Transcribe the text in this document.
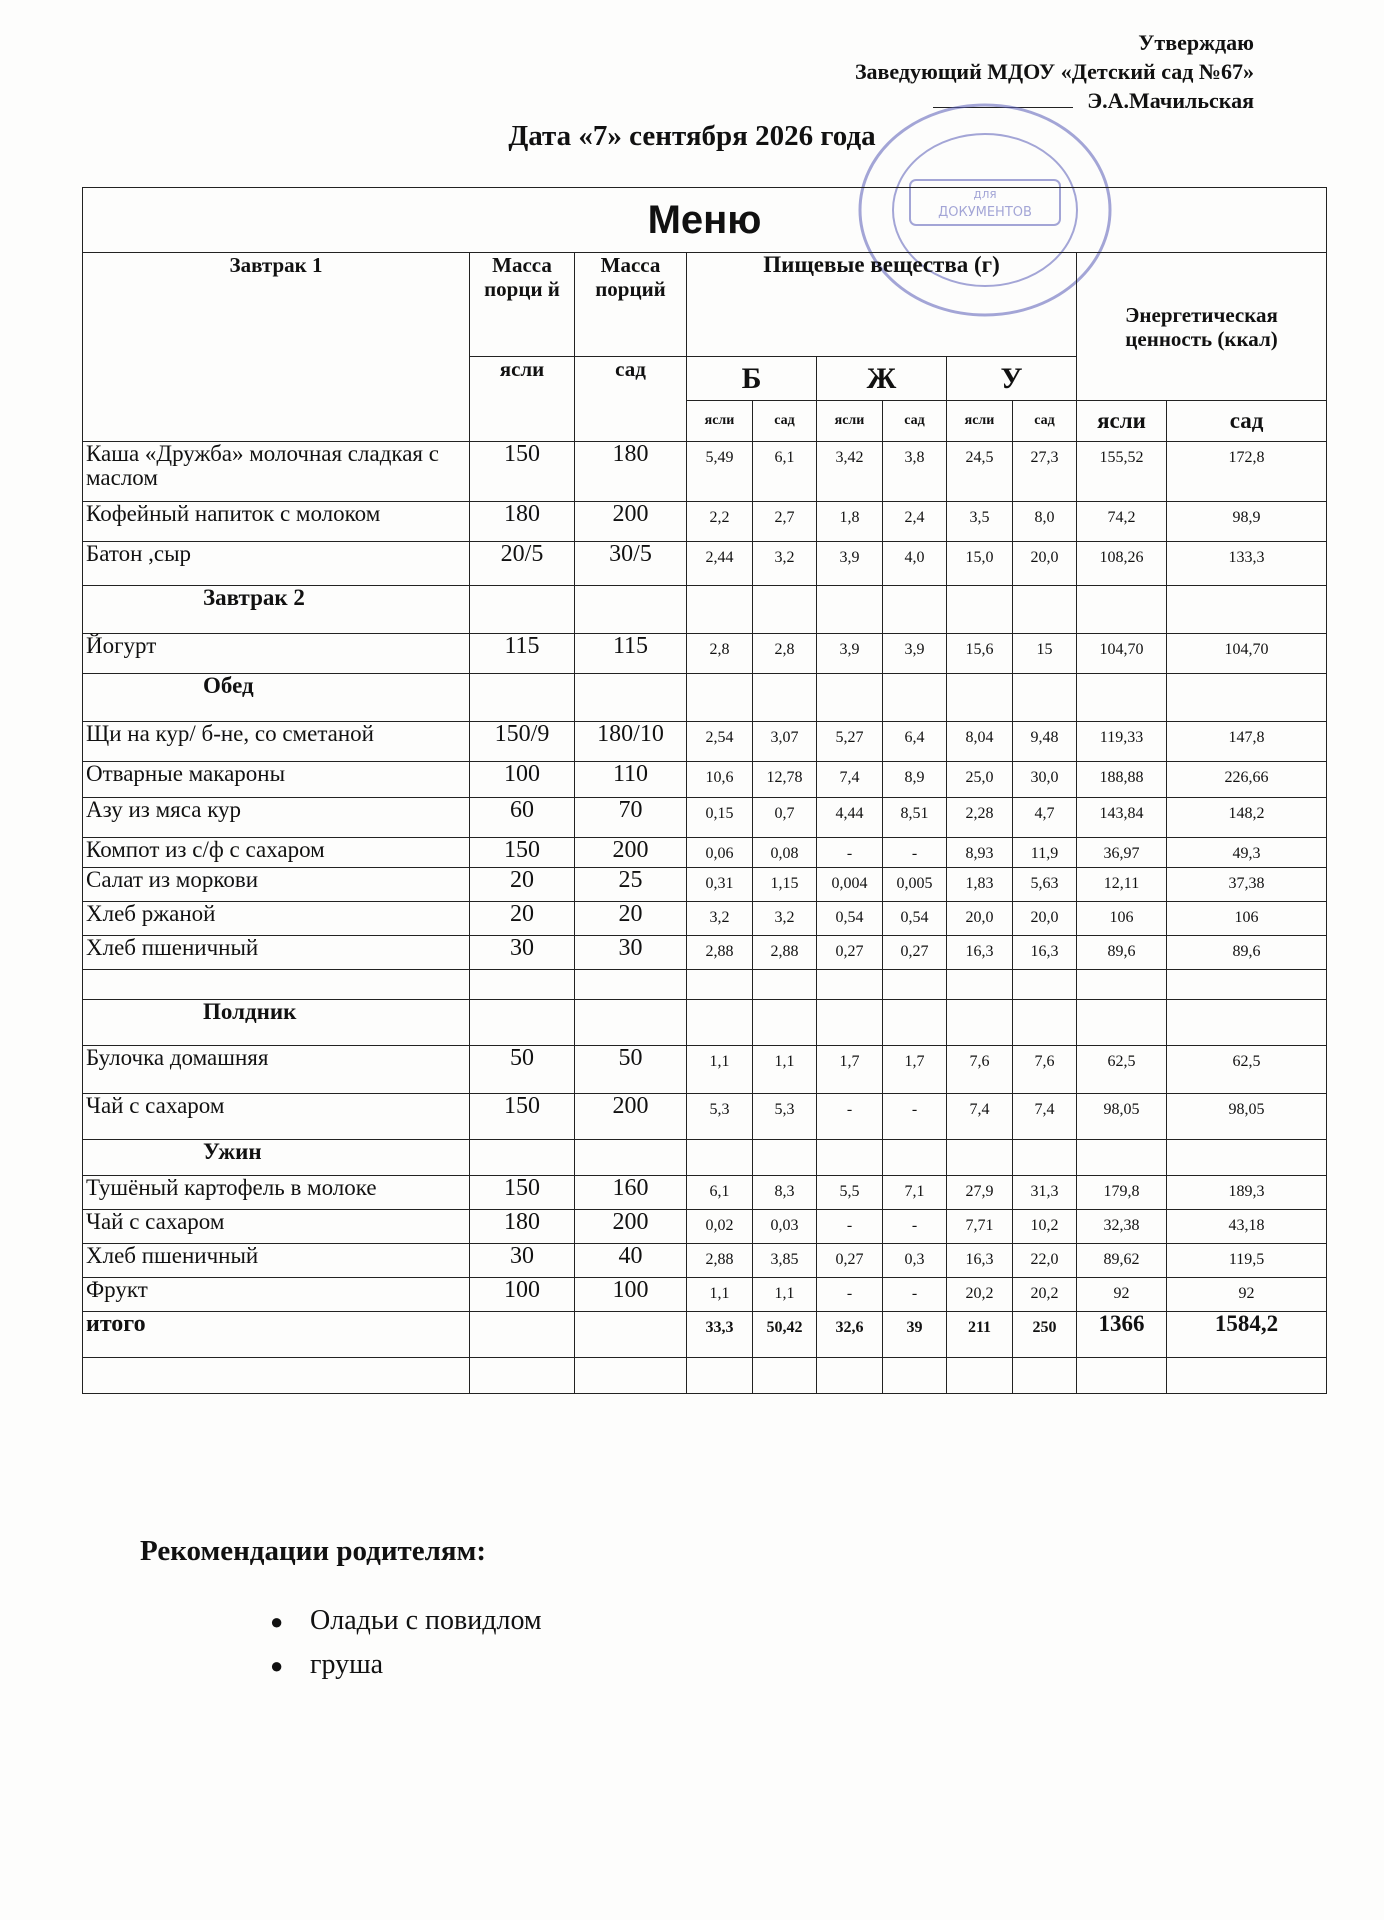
Утверждаю
Заведующий МДОУ «Детский сад №67»
Э.А.Мачильская
Дата «7» сентября 2026 года
для
ДОКУМЕНТОВ
Меню										
Завтрак 1	Масса порци й	Масса порций	Пищевые вещества (г)						Энергетическая ценность (ккал)	
	ясли	сад	Б		Ж		У			
			ясли	сад	ясли	сад	ясли	сад	ясли	сад
Каша «Дружба» молочная сладкая с маслом	150	180	5,49	6,1	3,42	3,8	24,5	27,3	155,52	172,8
Кофейный напиток с молоком	180	200	2,2	2,7	1,8	2,4	3,5	8,0	74,2	98,9
Батон ,сыр	20/5	30/5	2,44	3,2	3,9	4,0	15,0	20,0	108,26	133,3
Завтрак 2										
Йогурт	115	115	2,8	2,8	3,9	3,9	15,6	15	104,70	104,70
Обед										
Щи на кур/ б-не, со сметаной	150/9	180/10	2,54	3,07	5,27	6,4	8,04	9,48	119,33	147,8
Отварные макароны	100	110	10,6	12,78	7,4	8,9	25,0	30,0	188,88	226,66
Азу из мяса кур	60	70	0,15	0,7	4,44	8,51	2,28	4,7	143,84	148,2
Компот из с/ф с сахаром	150	200	0,06	0,08	-	-	8,93	11,9	36,97	49,3
Салат из моркови	20	25	0,31	1,15	0,004	0,005	1,83	5,63	12,11	37,38
Хлеб ржаной	20	20	3,2	3,2	0,54	0,54	20,0	20,0	106	106
Хлеб пшеничный	30	30	2,88	2,88	0,27	0,27	16,3	16,3	89,6	89,6

Полдник										
Булочка домашняя	50	50	1,1	1,1	1,7	1,7	7,6	7,6	62,5	62,5
Чай с сахаром	150	200	5,3	5,3	-	-	7,4	7,4	98,05	98,05
Ужин										
Тушёный картофель в молоке	150	160	6,1	8,3	5,5	7,1	27,9	31,3	179,8	189,3
Чай с сахаром	180	200	0,02	0,03	-	-	7,71	10,2	32,38	43,18
Хлеб пшеничный	30	40	2,88	3,85	0,27	0,3	16,3	22,0	89,62	119,5
Фрукт	100	100	1,1	1,1	-	-	20,2	20,2	92	92
итого			33,3	50,42	32,6	39	211	250	1366	1584,2

Рекомендации родителям:
● Оладьи с повидлом
● груша
